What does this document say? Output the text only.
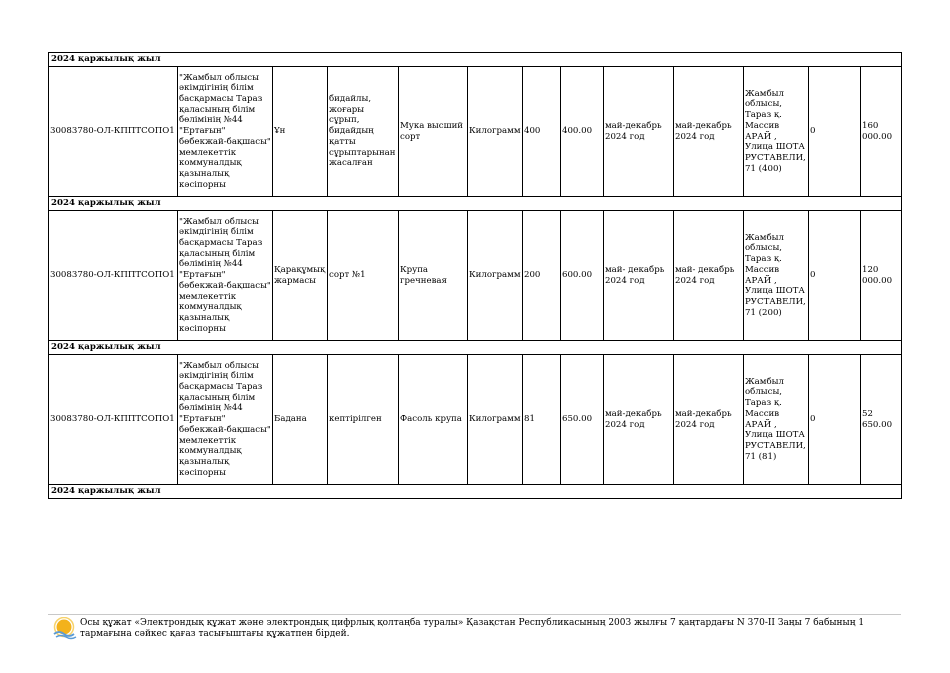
2024 қаржылық жыл												
30083780-ОЛ-КППТСОПО1	"Жамбыл облысы әкімдігінің білім басқармасы Тараз қаласының білім бөлімінің №44 "Ертағын" бөбекжай-бақшасы" мемлекеттік коммуналдық қазыналық кәсіпорны	Ұн	бидайлы, жоғары сұрып, бидайдың қатты сұрыптарынан жасалған	Мука высший сорт	Килограмм	400	400.00	май-декабрь 2024 год	май-декабрь 2024 год	Жамбыл облысы, Тараз қ. Массив АРАЙ , Улица ШОТА РУСТАВЕЛИ, 71 (400)	0	160 000.00
2024 қаржылық жыл												
30083780-ОЛ-КППТСОПО1	"Жамбыл облысы әкімдігінің білім басқармасы Тараз қаласының білім бөлімінің №44 "Ертағын" бөбекжай-бақшасы" мемлекеттік коммуналдық қазыналық кәсіпорны	Қарақұмық жармасы	сорт №1	Крупа гречневая	Килограмм	200	600.00	май- декабрь 2024 год	май- декабрь 2024 год	Жамбыл облысы, Тараз қ. Массив АРАЙ , Улица ШОТА РУСТАВЕЛИ, 71 (200)	0	120 000.00
2024 қаржылық жыл												
30083780-ОЛ-КППТСОПО1	"Жамбыл облысы әкімдігінің білім басқармасы Тараз қаласының білім бөлімінің №44 "Ертағын" бөбекжай-бақшасы" мемлекеттік коммуналдық қазыналық кәсіпорны	Бадана	кептірілген	Фасоль крупа	Килограмм	81	650.00	май-декабрь 2024 год	май-декабрь 2024 год	Жамбыл облысы, Тараз қ. Массив АРАЙ , Улица ШОТА РУСТАВЕЛИ, 71 (81)	0	52 650.00
2024 қаржылық жыл												
Осы құжат «Электрондық құжат және электрондық цифрлық қолтаңба туралы» Қазақстан Республикасының 2003 жылғы 7 қаңтардағы N 370-II Заңы 7 бабының 1 тармағына сәйкес қағаз тасығыштағы құжатпен бірдей.
